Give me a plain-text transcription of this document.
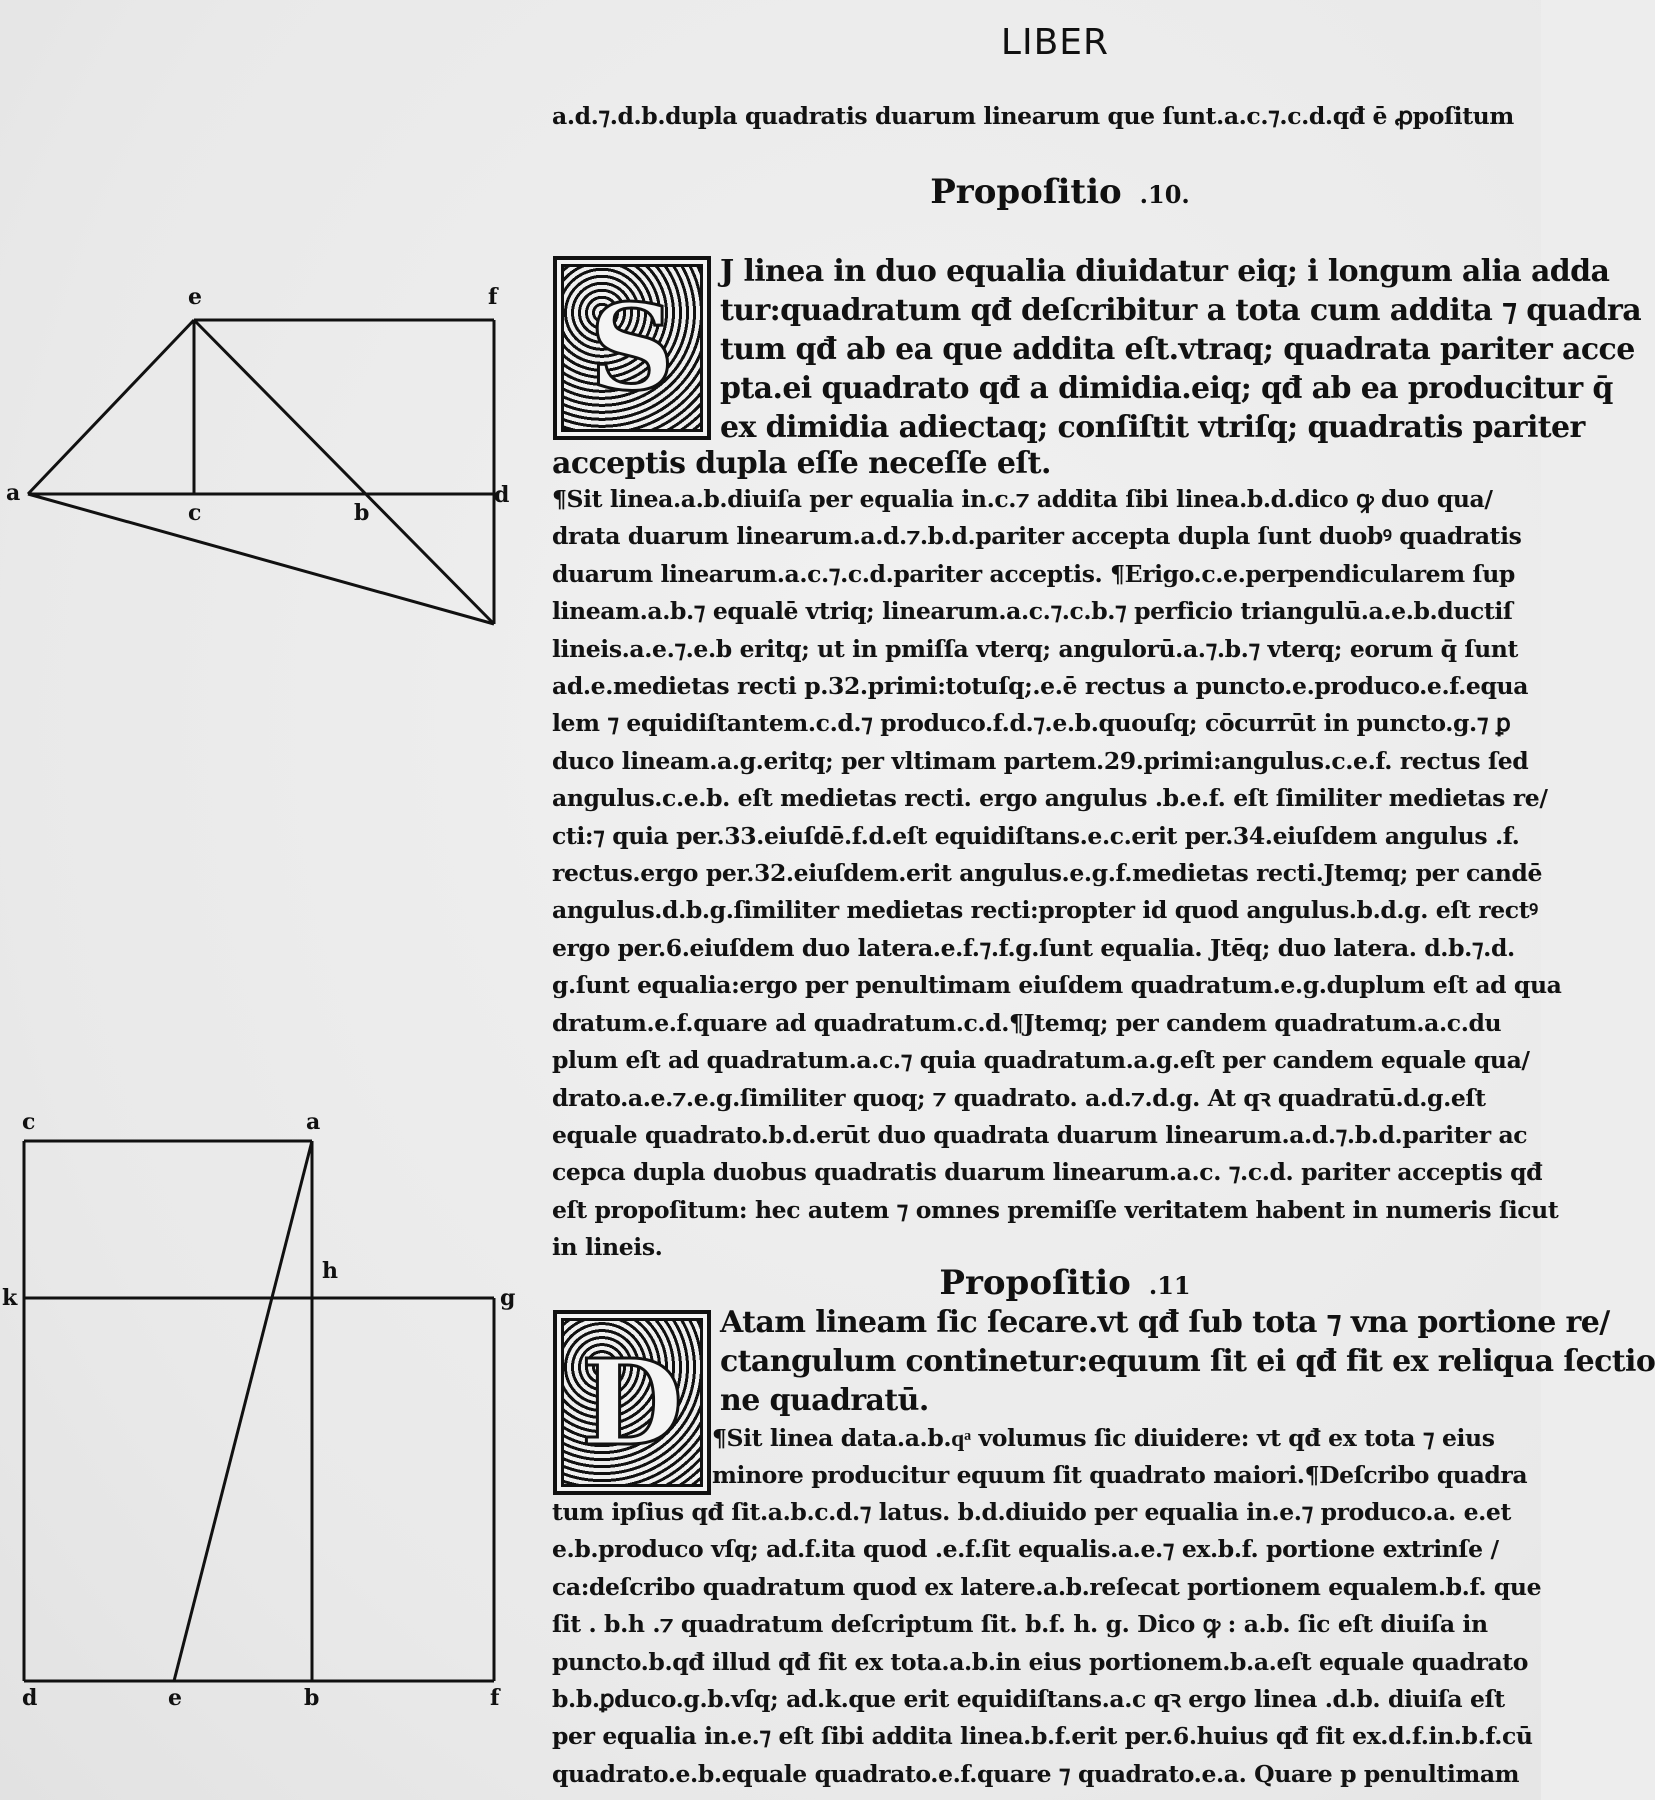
e	f
a
c	b
d
c	a
k
h
g
d	e	b	f
LIBER
a.d.⁊.d.b.dupla quadratis duarum linearum que ſunt.a.c.⁊.c.d.qđ ē ꝓpoſitum
Propoſitio .10.
S
J linea in duo equalia diuidatur eiq; i longum alia adda
tur:quadratum qđ deſcribitur a tota cum addita ⁊ quadra
tum qđ ab ea que addita eſt.vtraq; quadrata pariter acce
pta.ei quadrato qđ a dimidia.eiq; qđ ab ea producitur q̄
ex dimidia adiectaq; conſiſtit vtriſq; quadratis pariter
acceptis dupla eſſe neceſſe eſt.
¶Sit linea.a.b.diuiſa per equalia in.c.⁊ addita ſibi linea.b.d.dico ꝙ duo qua/
drata duarum linearum.a.d.⁊.b.d.pariter accepta dupla ſunt duobꝰ quadratis
duarum linearum.a.c.⁊.c.d.pariter acceptis. ¶Erigo.c.e.perpendicularem ſup
lineam.a.b.⁊ equalē vtriq; linearum.a.c.⁊.c.b.⁊ perficio triangulū.a.e.b.ductiſ
lineis.a.e.⁊.e.b eritq; ut in pmiſſa vterq; angulorū.a.⁊.b.⁊ vterq; eorum q̄ ſunt
ad.e.medietas recti p.32.primi:totuſq;.e.ē rectus a puncto.e.produco.e.f.equa
lem ⁊ equidiſtantem.c.d.⁊ produco.f.d.⁊.e.b.quouſq; cōcurrūt in puncto.g.⁊ ꝑ
duco lineam.a.g.eritq; per vltimam partem.29.primi:angulus.c.e.f. rectus ſed
angulus.c.e.b. eſt medietas recti. ergo angulus .b.e.f. eſt ſimiliter medietas re/
cti:⁊ quia per.33.eiuſdē.f.d.eſt equidiſtans.e.c.erit per.34.eiuſdem angulus .f.
rectus.ergo per.32.eiuſdem.erit angulus.e.g.f.medietas recti.Jtemq; per candē
angulus.d.b.g.ſimiliter medietas recti:propter id quod angulus.b.d.g. eſt rectꝰ
ergo per.6.eiuſdem duo latera.e.f.⁊.f.g.ſunt equalia. Jtēq; duo latera. d.b.⁊.d.
g.ſunt equalia:ergo per penultimam eiuſdem quadratum.e.g.duplum eſt ad qua
dratum.e.f.quare ad quadratum.c.d.¶Jtemq; per candem quadratum.a.c.du
plum eſt ad quadratum.a.c.⁊ quia quadratum.a.g.eſt per candem equale qua/
drato.a.e.⁊.e.g.ſimiliter quoq; ⁊ quadrato. a.d.⁊.d.g. At qꝛ quadratū.d.g.eſt
equale quadrato.b.d.erūt duo quadrata duarum linearum.a.d.⁊.b.d.pariter ac
cepca dupla duobus quadratis duarum linearum.a.c. ⁊.c.d. pariter acceptis qđ
eſt propoſitum: hec autem ⁊ omnes premiſſe veritatem habent in numeris ſicut
in lineis.
Propoſitio .11
D
Atam lineam ſic ſecare.vt qđ ſub tota ⁊ vna portione re/
ctangulum continetur:equum ſit ei qđ fit ex reliqua ſectio
ne quadratū.
¶Sit linea data.a.b.qͣ volumus ſic diuidere: vt qđ ex tota ⁊ eius
minore producitur equum ſit quadrato maiori.¶Deſcribo quadra
tum ipſius qđ ſit.a.b.c.d.⁊ latus. b.d.diuido per equalia in.e.⁊ produco.a. e.et
e.b.produco vſq; ad.f.ita quod .e.f.ſit equalis.a.e.⁊ ex.b.f. portione extrinſe /
ca:deſcribo quadratum quod ex latere.a.b.reſecat portionem equalem.b.f. que
ſit . b.h .⁊ quadratum deſcriptum ſit. b.f. h. g. Dico ꝙ : a.b. ſic eſt diuiſa in
puncto.b.qđ illud qđ fit ex tota.a.b.in eius portionem.b.a.eſt equale quadrato
b.b.ꝑduco.g.b.vſq; ad.k.que erit equidiſtans.a.c qꝛ ergo linea .d.b. diuiſa eſt
per equalia in.e.⁊ eſt ſibi addita linea.b.f.erit per.6.huius qđ fit ex.d.f.in.b.f.cū
quadrato.e.b.equale quadrato.e.f.quare ⁊ quadrato.e.a. Quare p penultimam
